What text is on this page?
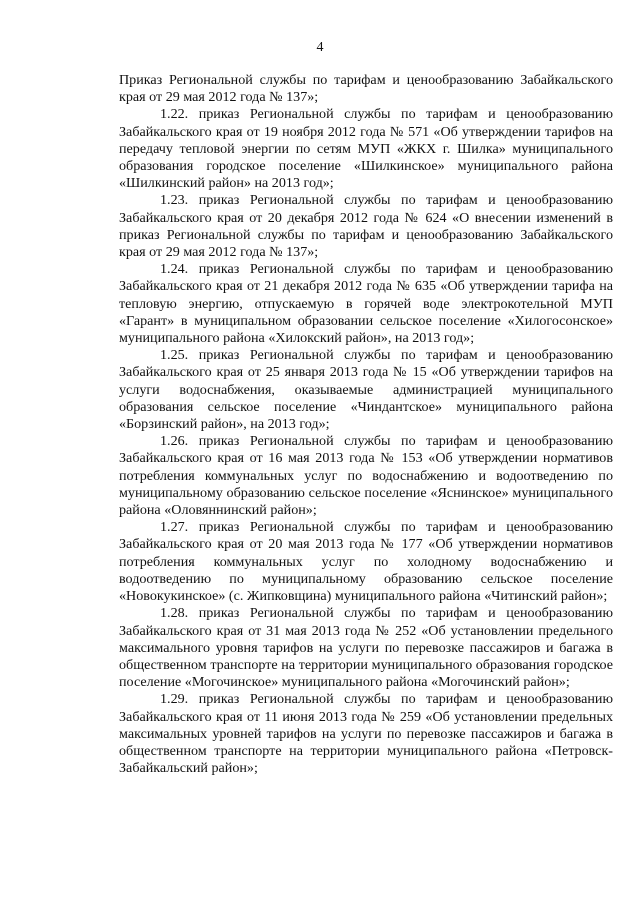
4

Приказ Региональной службы по тарифам и ценообразованию Забайкальского края от 29 мая 2012 года № 137»;

1.22. приказ Региональной службы по тарифам и ценообразованию Забайкальского края от 19 ноября 2012 года № 571 «Об утверждении тарифов на передачу тепловой энергии по сетям МУП «ЖКХ г. Шилка» муниципального образования городское поселение «Шилкинское» муниципального района «Шилкинский район» на 2013 год»;

1.23. приказ Региональной службы по тарифам и ценообразованию Забайкальского края от 20 декабря 2012 года № 624 «О внесении изменений в приказ Региональной службы по тарифам и ценообразованию Забайкальского края от 29 мая 2012 года № 137»;

1.24. приказ Региональной службы по тарифам и ценообразованию Забайкальского края от 21 декабря 2012 года № 635 «Об утверждении тарифа на тепловую энергию, отпускаемую в горячей воде электрокотельной МУП «Гарант» в муниципальном образовании сельское поселение «Хилогосонское» муниципального района «Хилокский район», на 2013 год»;

1.25. приказ Региональной службы по тарифам и ценообразованию Забайкальского края от 25 января 2013 года № 15 «Об утверждении тарифов на услуги водоснабжения, оказываемые администрацией муниципального образования сельское поселение «Чиндантское» муниципального района «Борзинский район», на 2013 год»;

1.26. приказ Региональной службы по тарифам и ценообразованию Забайкальского края от 16 мая 2013 года № 153 «Об утверждении нормативов потребления коммунальных услуг по водоснабжению и водоотведению по муниципальному образованию сельское поселение «Яснинское» муниципального района «Оловяннинский район»;

1.27. приказ Региональной службы по тарифам и ценообразованию Забайкальского края от 20 мая 2013 года № 177 «Об утверждении нормативов потребления коммунальных услуг по холодному водоснабжению и водоотведению по муниципальному образованию сельское поселение «Новокукинское» (с. Жипковщина) муниципального района «Читинский район»;

1.28. приказ Региональной службы по тарифам и ценообразованию Забайкальского края от 31 мая 2013 года № 252 «Об установлении предельного максимального уровня тарифов на услуги по перевозке пассажиров и багажа в общественном транспорте на территории муниципального образования городское поселение «Могочинское» муниципального района «Могочинский район»;

1.29. приказ Региональной службы по тарифам и ценообразованию Забайкальского края от 11 июня 2013 года № 259 «Об установлении предельных максимальных уровней тарифов на услуги по перевозке пассажиров и багажа в общественном транспорте на территории муниципального района «Петровск-Забайкальский район»;
